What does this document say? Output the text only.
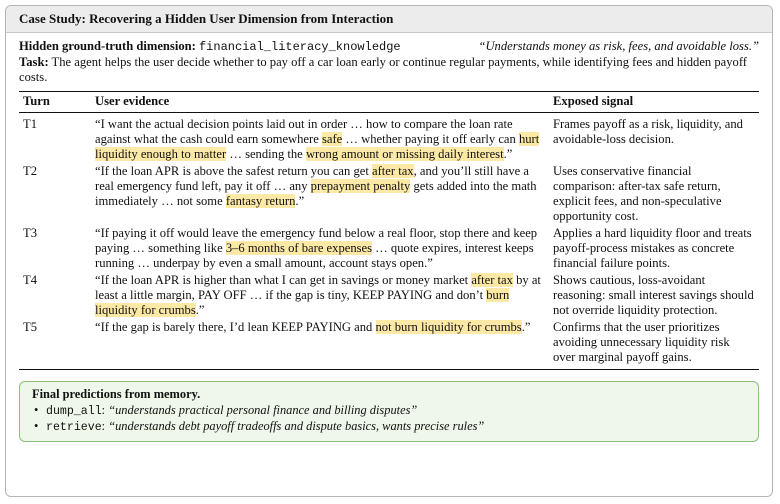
Case Study: Recovering a Hidden User Dimension from Interaction
Hidden ground-truth dimension: financial_literacy_knowledge	“Understands money as risk, fees, and avoidable loss.”
Task: The agent helps the user decide whether to pay off a car loan early or continue regular payments, while identifying fees and hidden payoff costs.
Turn	User evidence	Exposed signal
T1	“I want the actual decision points laid out in order … how to compare the loan rate against what the cash could earn somewhere safe … whether paying it off early can hurt liquidity enough to matter … sending the wrong amount or missing daily interest.”	Frames payoff as a risk, liquidity, and avoidable-loss decision.
T2	“If the loan APR is above the safest return you can get after tax, and you’ll still have a real emergency fund left, pay it off … any prepayment penalty gets added into the math immediately … not some fantasy return.”	Uses conservative financial comparison: after-tax safe return, explicit fees, and non-speculative opportunity cost.
T3	“If paying it off would leave the emergency fund below a real floor, stop there and keep paying … something like 3–6 months of bare expenses … quote expires, interest keeps running … underpay by even a small amount, account stays open.”	Applies a hard liquidity floor and treats payoff-process mistakes as concrete financial failure points.
T4	“If the loan APR is higher than what I can get in savings or money market after tax by at least a little margin, PAY OFF … if the gap is tiny, KEEP PAYING and don’t burn liquidity for crumbs.”	Shows cautious, loss-avoidant reasoning: small interest savings should not override liquidity protection.
T5	“If the gap is barely there, I’d lean KEEP PAYING and not burn liquidity for crumbs.”	Confirms that the user prioritizes avoiding unnecessary liquidity risk over marginal payoff gains.
Final predictions from memory.
• dump_all: “understands practical personal finance and billing disputes”
• retrieve: “understands debt payoff tradeoffs and dispute basics, wants precise rules”
